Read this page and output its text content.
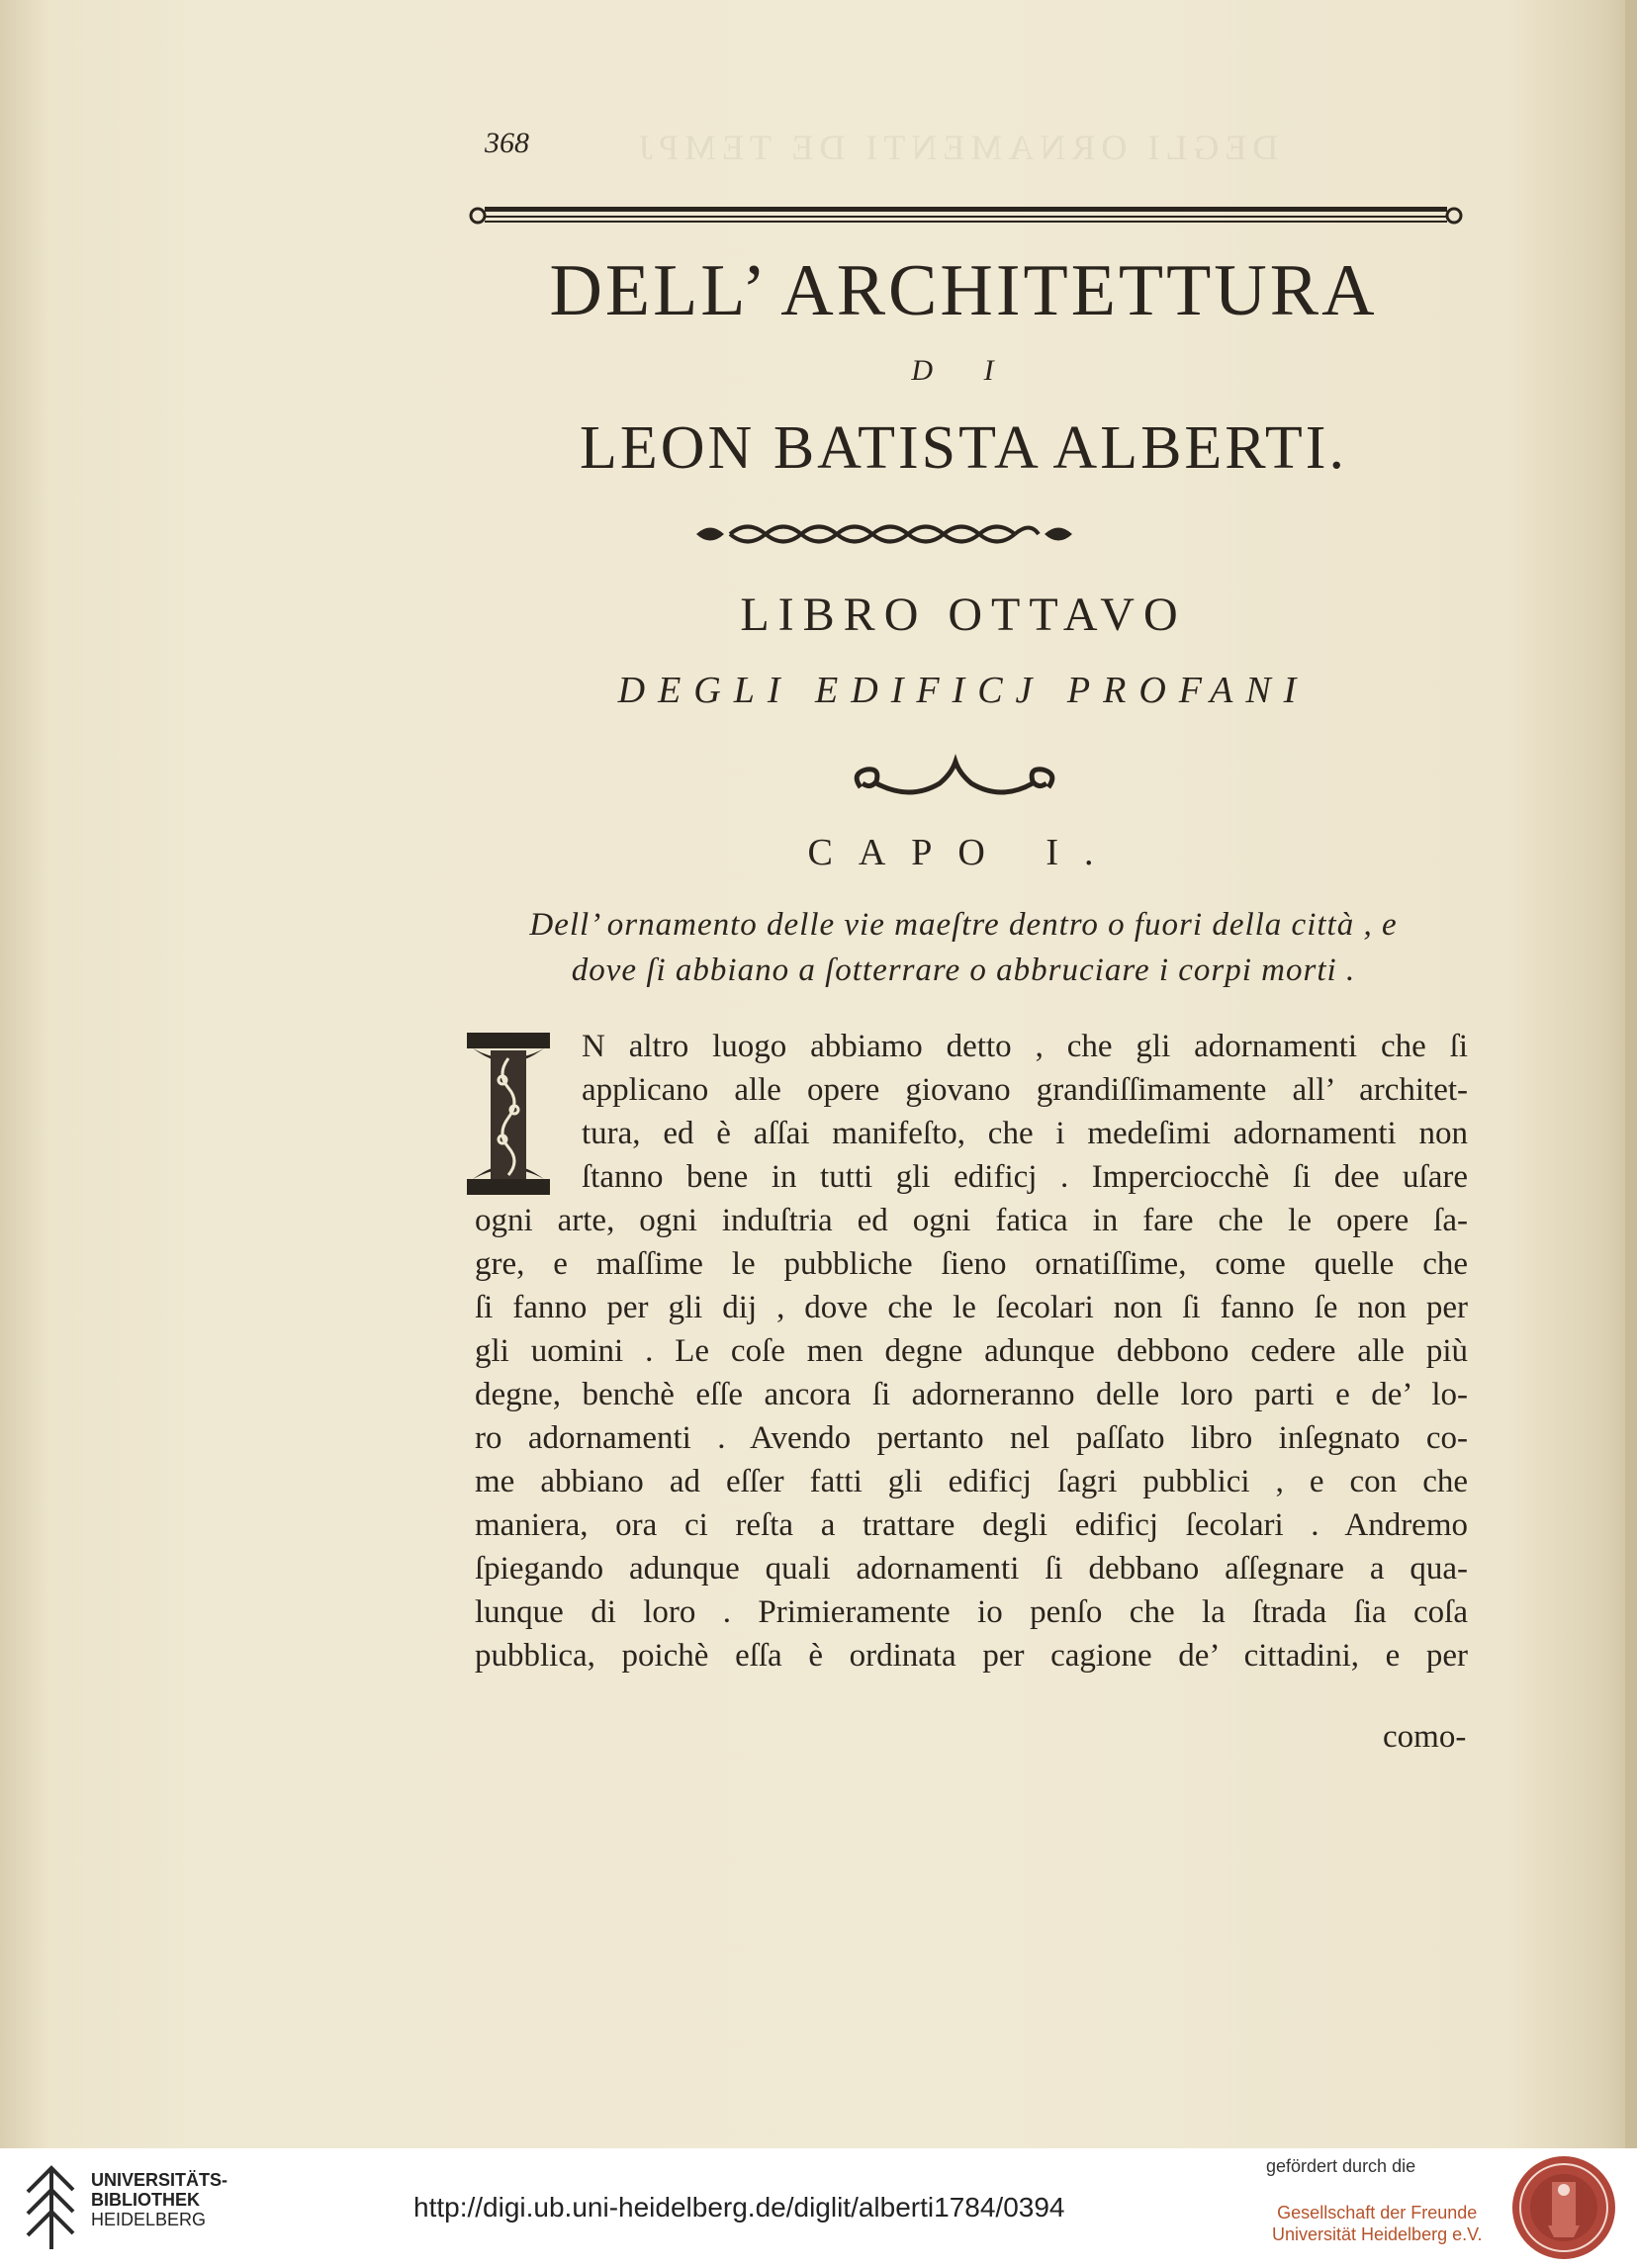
DEGLI ORNAMENTI DE TEMPJ
368
DELL’ ARCHITETTURA
D I
LEON BATISTA ALBERTI.
LIBRO OTTAVO
DEGLI EDIFICJ PROFANI
CAPO I.
Dell’ ornamento delle vie maeſtre dentro o fuori della città , e
dove ſi abbiano a ſotterrare o abbruciare i corpi morti .
N altro luogo abbiamo detto , che gli adornamenti che ſi
applicano alle opere giovano grandiſſimamente all’ architet-
tura, ed è aſſai manifeſto, che i medeſimi adornamenti non
ſtanno bene in tutti gli edificj . Imperciocchè ſi dee uſare
ogni arte, ogni induſtria ed ogni fatica in fare che le opere ſa-
gre, e maſſime le pubbliche ſieno ornatiſſime, come quelle che
ſi fanno per gli dij , dove che le ſecolari non ſi fanno ſe non per
gli uomini . Le coſe men degne adunque debbono cedere alle più
degne, benchè eſſe ancora ſi adorneranno delle loro parti e de’ lo-
ro adornamenti . Avendo pertanto nel paſſato libro inſegnato co-
me abbiano ad eſſer fatti gli edificj ſagri pubblici , e con che
maniera, ora ci reſta a trattare degli edificj ſecolari . Andremo
ſpiegando adunque quali adornamenti ſi debbano aſſegnare a qua-
lunque di loro . Primieramente io penſo che la ſtrada ſia coſa
pubblica, poichè eſſa è ordinata per cagione de’ cittadini, e per
como-
UNIVERSITÄTS-
BIBLIOTHEK
HEIDELBERG	http://digi.ub.uni-heidelberg.de/diglit/alberti1784/0394
gefördert durch die
Gesellschaft der Freunde
Universität Heidelberg e.V.
